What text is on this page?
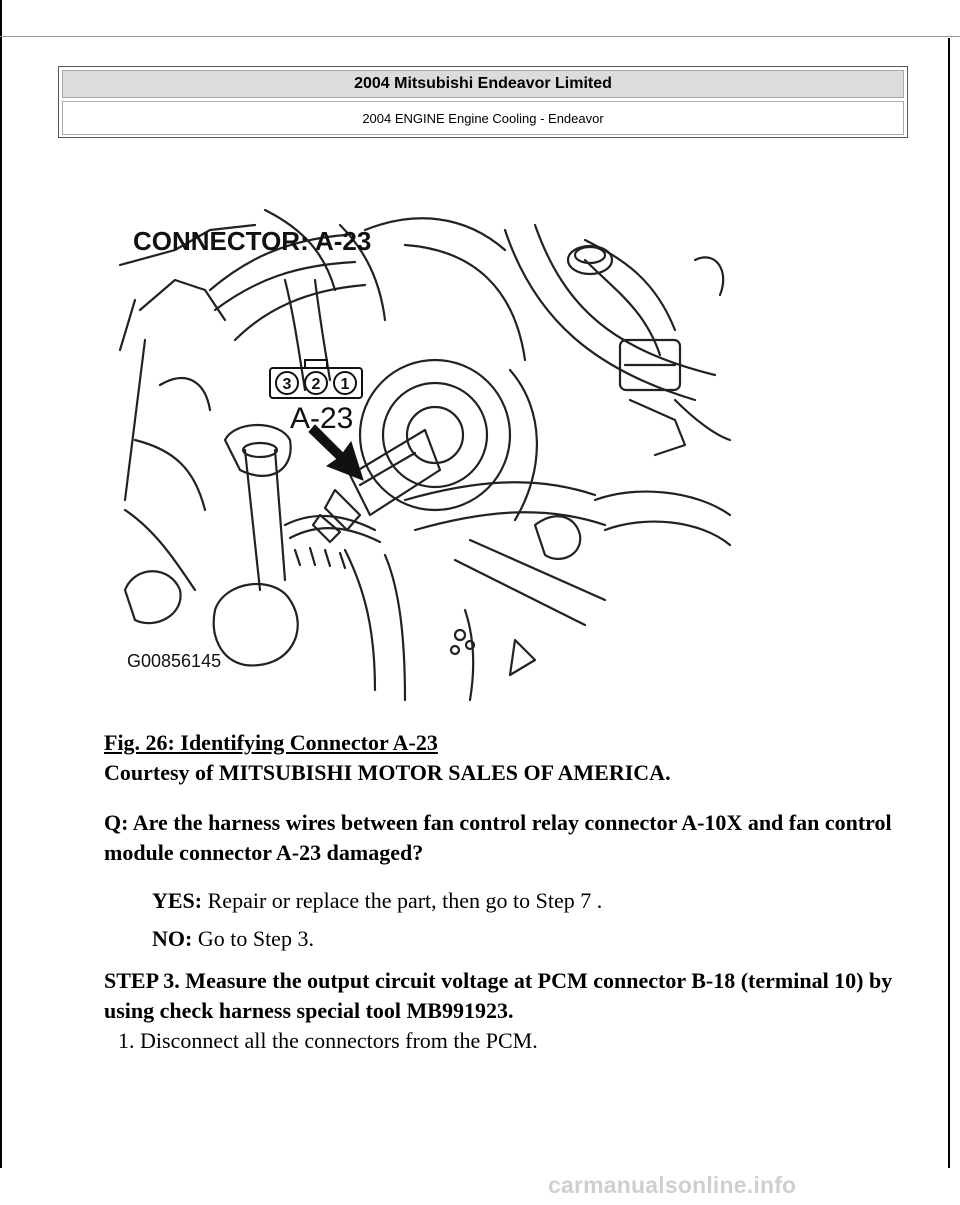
2004 Mitsubishi Endeavor Limited
2004 ENGINE Engine Cooling - Endeavor
3 2 1
A-23
CONNECTOR: A-23
G00856145
Fig. 26: Identifying Connector A-23
Courtesy of MITSUBISHI MOTOR SALES OF AMERICA.
Q: Are the harness wires between fan control relay connector A-10X and fan control module connector A-23 damaged?
YES: Repair or replace the part, then go to Step 7 .
NO: Go to Step 3.
STEP 3. Measure the output circuit voltage at PCM connector B-18 (terminal 10) by using check harness special tool MB991923.
1. Disconnect all the connectors from the PCM.
carmanualsonline.info
